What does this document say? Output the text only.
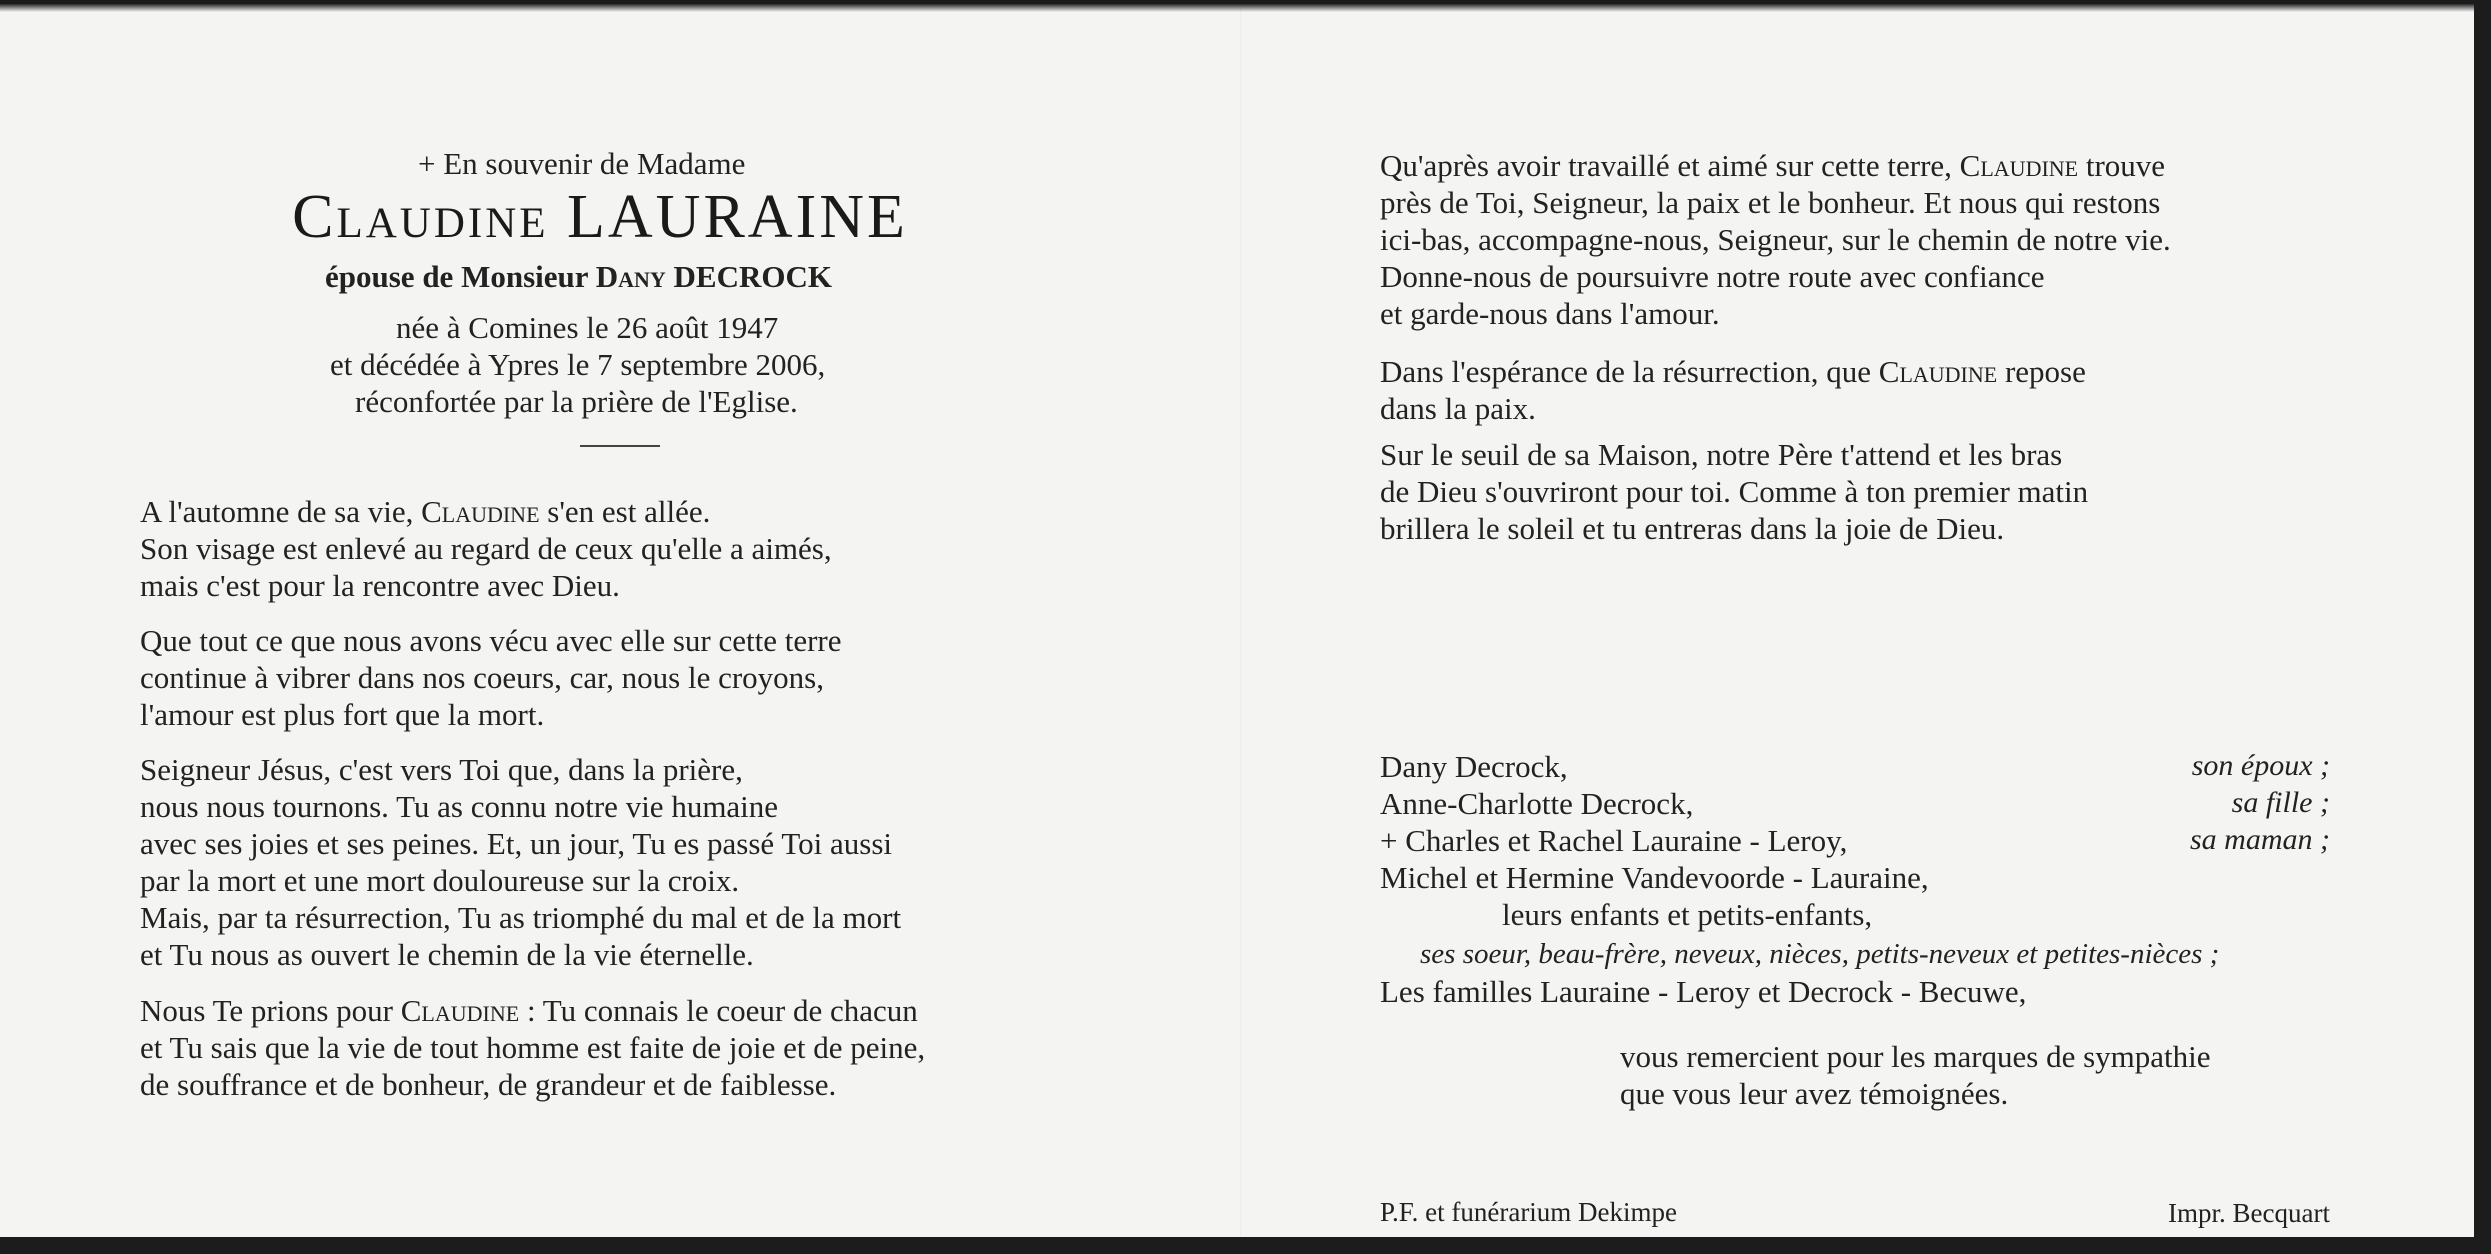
+ En souvenir de Madame
Claudine LAURAINE
épouse de Monsieur Dany DECROCK
née à Comines le 26 août 1947
et décédée à Ypres le 7 septembre 2006,
réconfortée par la prière de l'Eglise.
A l'automne de sa vie, Claudine s'en est allée.
Son visage est enlevé au regard de ceux qu'elle a aimés,
mais c'est pour la rencontre avec Dieu.
Que tout ce que nous avons vécu avec elle sur cette terre
continue à vibrer dans nos coeurs, car, nous le croyons,
l'amour est plus fort que la mort.
Seigneur Jésus, c'est vers Toi que, dans la prière,
nous nous tournons. Tu as connu notre vie humaine
avec ses joies et ses peines. Et, un jour, Tu es passé Toi aussi
par la mort et une mort douloureuse sur la croix.
Mais, par ta résurrection, Tu as triomphé du mal et de la mort
et Tu nous as ouvert le chemin de la vie éternelle.
Nous Te prions pour Claudine : Tu connais le coeur de chacun
et Tu sais que la vie de tout homme est faite de joie et de peine,
de souffrance et de bonheur, de grandeur et de faiblesse.
Qu'après avoir travaillé et aimé sur cette terre, Claudine trouve
près de Toi, Seigneur, la paix et le bonheur. Et nous qui restons
ici-bas, accompagne-nous, Seigneur, sur le chemin de notre vie.
Donne-nous de poursuivre notre route avec confiance
et garde-nous dans l'amour.
Dans l'espérance de la résurrection, que Claudine repose
dans la paix.
Sur le seuil de sa Maison, notre Père t'attend et les bras
de Dieu s'ouvriront pour toi. Comme à ton premier matin
brillera le soleil et tu entreras dans la joie de Dieu.
Dany Decrock,	son époux ;
Anne-Charlotte Decrock,	sa fille ;
+ Charles et Rachel Lauraine - Leroy,	sa maman ;
Michel et Hermine Vandevoorde - Lauraine,
leurs enfants et petits-enfants,
ses soeur, beau-frère, neveux, nièces, petits-neveux et petites-nièces ;
Les familles Lauraine - Leroy et Decrock - Becuwe,
vous remercient pour les marques de sympathie
que vous leur avez témoignées.
P.F. et funérarium Dekimpe	Impr. Becquart
